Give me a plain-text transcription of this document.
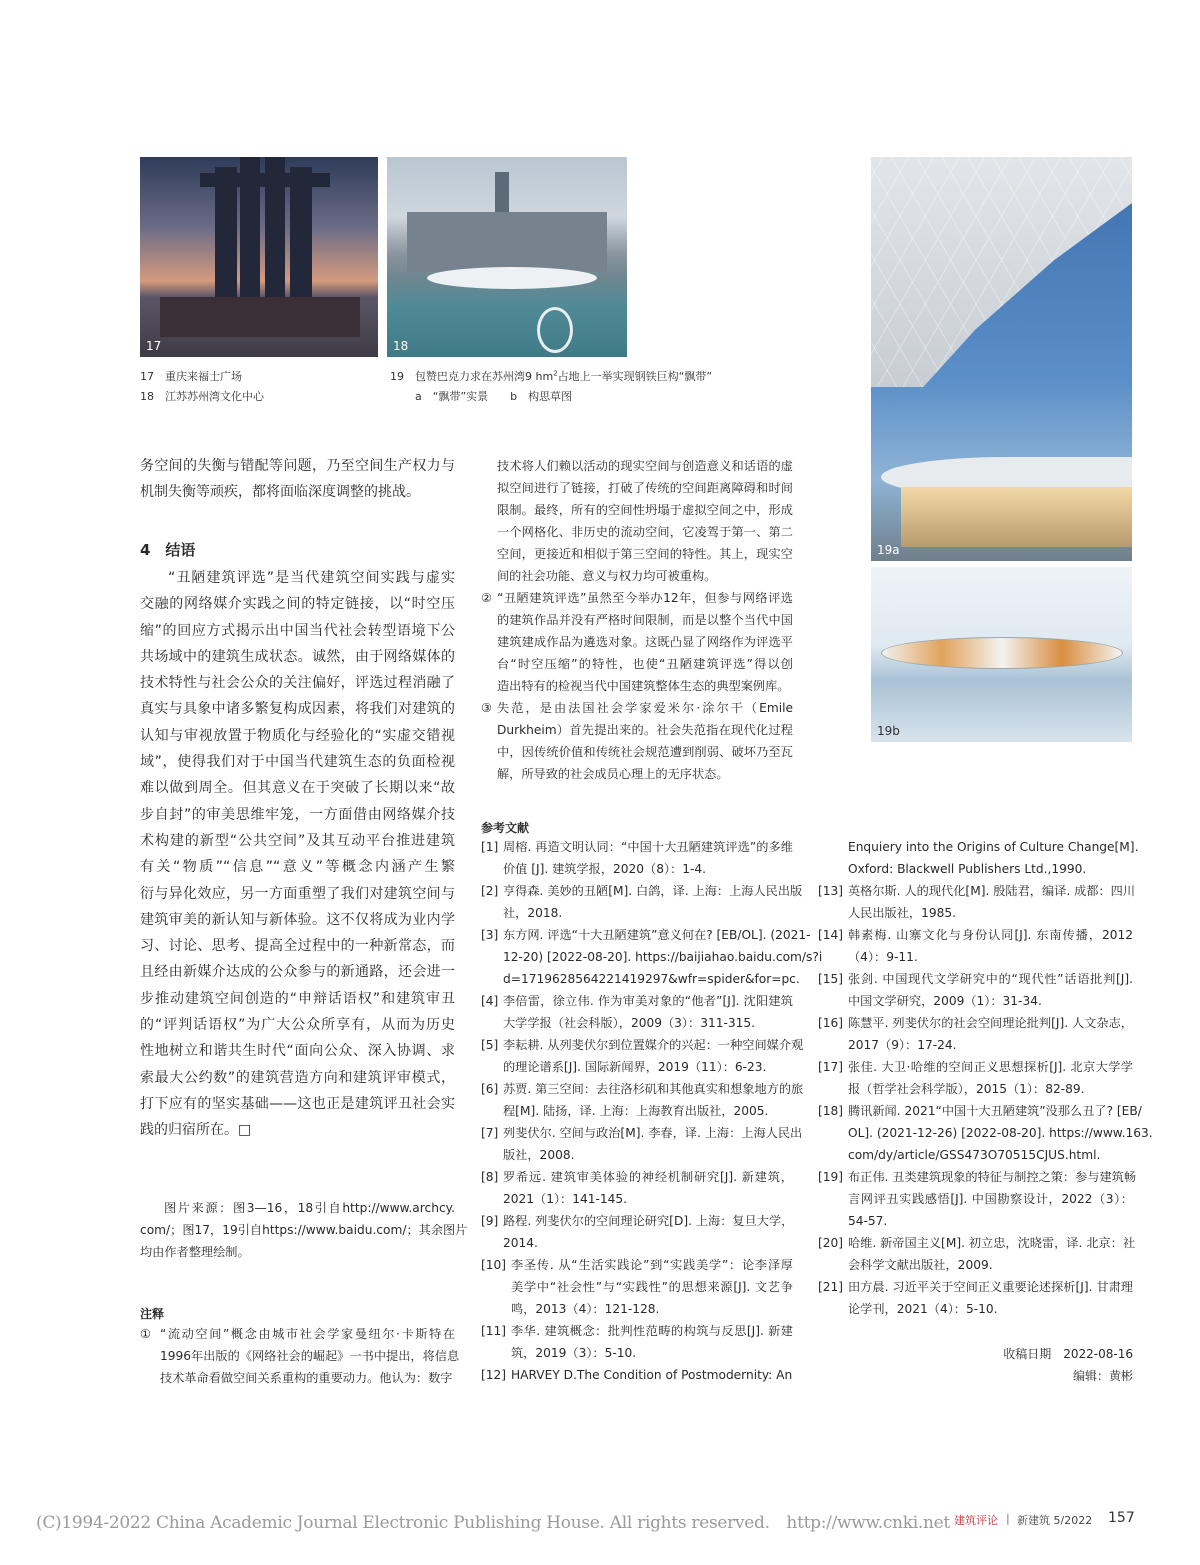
17	18
19a
19b
17　重庆来福士广场
18　江苏苏州湾文化中心
19　包赞巴克力求在苏州湾9 $hm^2$占地上一举实现钢铁巨构“飘带”
a　“飘带”实景　　b　构思草图
务空间的失衡与错配等问题，乃至空间生产权力与
机制失衡等顽疾，都将面临深度调整的挑战。
4　结语
“丑陋建筑评选”是当代建筑空间实践与虚实
交融的网络媒介实践之间的特定链接，以“时空压
缩”的回应方式揭示出中国当代社会转型语境下公
共场域中的建筑生成状态。诚然，由于网络媒体的
技术特性与社会公众的关注偏好，评选过程消融了
真实与具象中诸多繁复构成因素，将我们对建筑的
认知与审视放置于物质化与经验化的“实虚交错视
域”，使得我们对于中国当代建筑生态的负面检视
难以做到周全。但其意义在于突破了长期以来“故
步自封”的审美思维牢笼，一方面借由网络媒介技
术构建的新型“公共空间”及其互动平台推进建筑
有关“物质”“信息”“意义”等概念内涵产生繁
衍与异化效应，另一方面重塑了我们对建筑空间与
建筑审美的新认知与新体验。这不仅将成为业内学
习、讨论、思考、提高全过程中的一种新常态，而
且经由新媒介达成的公众参与的新通路，还会进一
步推动建筑空间创造的“申辩话语权”和建筑审丑
的“评判话语权”为广大公众所享有，从而为历史
性地树立和谐共生时代“面向公众、深入协调、求
索最大公约数”的建筑营造方向和建筑评审模式，
打下应有的坚实基础——这也正是建筑评丑社会实
践的归宿所在。□
图片来源：图3—16，18引自http://www.archcy.
com/；图17，19引自https://www.baidu.com/；其余图片
均由作者整理绘制。
注释
① “流动空间”概念由城市社会学家曼纽尔·卡斯特在
1996年出版的《网络社会的崛起》一书中提出，将信息
技术革命看做空间关系重构的重要动力。他认为：数字
技术将人们赖以活动的现实空间与创造意义和话语的虚
拟空间进行了链接，打破了传统的空间距离障碍和时间
限制。最终，所有的空间性坍塌于虚拟空间之中，形成
一个网格化、非历史的流动空间，它凌驾于第一、第二
空间，更接近和相似于第三空间的特性。其上，现实空
间的社会功能、意义与权力均可被重构。
② “丑陋建筑评选”虽然至今举办12年，但参与网络评选
的建筑作品并没有严格时间限制，而是以整个当代中国
建筑建成作品为遴选对象。这既凸显了网络作为评选平
台“时空压缩”的特性，也使“丑陋建筑评选”得以创
造出特有的检视当代中国建筑整体生态的典型案例库。
③ 失范，是由法国社会学家爱米尔·涂尔干（Emile
Durkheim）首先提出来的。社会失范指在现代化过程
中，因传统价值和传统社会规范遭到削弱、破坏乃至瓦
解，所导致的社会成员心理上的无序状态。
参考文献
[1] 周榕. 再造文明认同：“中国十大丑陋建筑评选”的多维
价值 [J]. 建筑学报，2020（8）：1-4.
[2] 亨得森. 美妙的丑陋[M]. 白鸽，译. 上海：上海人民出版
社，2018.
[3] 东方网. 评选“十大丑陋建筑”意义何在? [EB/OL]. (2021-
12-20) [2022-08-20]. https://baijiahao.baidu.com/s?i
d=1719628564221419297&wfr=spider&for=pc.
[4] 李倍雷，徐立伟. 作为审美对象的“他者”[J]. 沈阳建筑
大学学报（社会科版），2009（3）：311-315.
[5] 李耘耕. 从列斐伏尔到位置媒介的兴起：一种空间媒介观
的理论谱系[J]. 国际新闻界，2019（11）：6-23.
[6] 苏贾. 第三空间：去往洛杉矶和其他真实和想象地方的旅
程[M]. 陆扬，译. 上海：上海教育出版社，2005.
[7] 列斐伏尔. 空间与政治[M]. 李春，译. 上海：上海人民出
版社，2008.
[8] 罗希远. 建筑审美体验的神经机制研究[J]. 新建筑，
2021（1）：141-145.
[9] 路程. 列斐伏尔的空间理论研究[D]. 上海：复旦大学，
2014.
[10] 李圣传. 从“生活实践论”到“实践美学”：论李泽厚
美学中“社会性”与“实践性”的思想来源[J]. 文艺争
鸣，2013（4）：121-128.
[11] 李华. 建筑概念：批判性范畴的构筑与反思[J]. 新建
筑，2019（3）：5-10.
[12] HARVEY D.The Condition of Postmodernity: An
Enquiery into the Origins of Culture Change[M].
Oxford: Blackwell Publishers Ltd.,1990.
[13] 英格尔斯. 人的现代化[M]. 殷陆君，编译. 成都：四川
人民出版社，1985.
[14] 韩素梅. 山寨文化与身份认同[J]. 东南传播，2012
（4）：9-11.
[15] 张剑. 中国现代文学研究中的“现代性”话语批判[J].
中国文学研究，2009（1）：31-34.
[16] 陈慧平. 列斐伏尔的社会空间理论批判[J]. 人文杂志，
2017（9）：17-24.
[17] 张佳. 大卫·哈维的空间正义思想探析[J]. 北京大学学
报（哲学社会科学版），2015（1）：82-89.
[18] 腾讯新闻. 2021“中国十大丑陋建筑”没那么丑了? [EB/
OL]. (2021-12-26) [2022-08-20]. https://www.163.
com/dy/article/GSS473O70515CJUS.html.
[19] 布正伟. 丑类建筑现象的特征与制控之策：参与建筑畅
言网评丑实践感悟[J]. 中国勘察设计，2022（3）：
54-57.
[20] 哈维. 新帝国主义[M]. 初立忠，沈晓雷，译. 北京：社
会科学文献出版社，2009.
[21] 田方晨. 习近平关于空间正义重要论述探析[J]. 甘肃理
论学刊，2021（4）：5-10.
收稿日期　2022-08-16
编辑：黄彬
(C)1994-2022 China Academic Journal Electronic Publishing House. All rights reserved.　http://www.cnki.net 建筑评论 | 新建筑 5/2022 157
